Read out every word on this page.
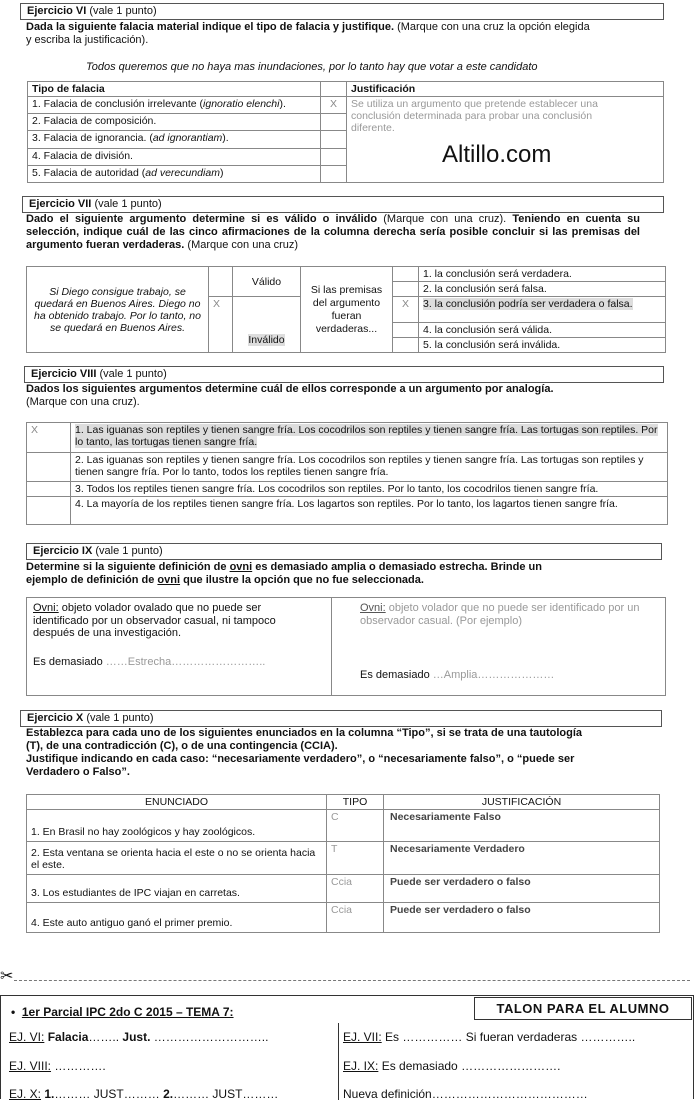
Ejercicio VI (vale 1 punto)
Dada la siguiente falacia material indique el tipo de falacia y justifique. (Marque con una cruz la opción elegida y escriba la justificación).
Todos queremos que no haya mas inundaciones, por lo tanto hay que votar a este candidato
Tipo de falacia		Justificación
1. Falacia de conclusión irrelevante (ignoratio elenchi).	X	Se utiliza un argumento que pretende establecer una conclusión determinada para probar una conclusión diferente.
Altillo.com

2. Falacia de composición.		
3. Falacia de ignorancia. (ad ignorantiam).		
4. Falacia de división.		
5. Falacia de autoridad (ad verecundiam)		
Ejercicio VII (vale 1 punto)
Dado el siguiente argumento determine si es válido o inválido (Marque con una cruz). Teniendo en cuenta su selección, indique cuál de las cinco afirmaciones de la columna derecha sería posible concluir si las premisas del argumento fueran verdaderas. (Marque con una cruz)
Si Diego consigue trabajo, se quedará en Buenos Aires. Diego no ha obtenido trabajo. Por lo tanto, no se quedará en Buenos Aires.		Válido	Si las premisas del argumento fueran verdaderas...		1. la conclusión será verdadera.
					2. la conclusión será falsa.
	X	Inválido		X	3. la conclusión podría ser verdadera o falsa.
					4. la conclusión será válida.
					5. la conclusión será inválida.
Ejercicio VIII (vale 1 punto)
Dados los siguientes argumentos determine cuál de ellos corresponde a un argumento por analogía.
(Marque con una cruz).
X	1. Las iguanas son reptiles y tienen sangre fría. Los cocodrilos son reptiles y tienen sangre fría. Las tortugas son reptiles. Por lo tanto, las tortugas tienen sangre fría.
	2. Las iguanas son reptiles y tienen sangre fría. Los cocodrilos son reptiles y tienen sangre fría. Las tortugas son reptiles y tienen sangre fría. Por lo tanto, todos los reptiles tienen sangre fría.
	3. Todos los reptiles tienen sangre fría. Los cocodrilos son reptiles. Por lo tanto, los cocodrilos tienen sangre fría.
	4. La mayoría de los reptiles tienen sangre fría. Los lagartos son reptiles. Por lo tanto, los lagartos tienen sangre fría.
Ejercicio IX (vale 1 punto)
Determine si la siguiente definición de ovni es demasiado amplia o demasiado estrecha. Brinde un ejemplo de definición de ovni que ilustre la opción que no fue seleccionada.
Ovni: objeto volador ovalado que no puede ser identificado por un observador casual, ni tampoco después de una investigación.
Es demasiado ……Estrecha……………………..
Ovni: objeto volador que no puede ser identificado por un observador casual. (Por ejemplo)
Es demasiado …Amplia…………………
Ejercicio X (vale 1 punto)
Establezca para cada uno de los siguientes enunciados en la columna “Tipo”, si se trata de una tautología (T), de una contradicción (C), o de una contingencia (CCIA).
Justifique indicando en cada caso: “necesariamente verdadero”, o “necesariamente falso”, o “puede ser Verdadero o Falso”.
ENUNCIADO	TIPO	JUSTIFICACIÓN
1. En Brasil no hay zoológicos y hay zoológicos.	C	Necesariamente Falso
2. Esta ventana se orienta hacia el este o no se orienta hacia el este.	T	Necesariamente Verdadero
3. Los estudiantes de IPC viajan en carretas.	Ccia	Puede ser verdadero o falso
4. Este auto antiguo ganó el primer premio.	Ccia	Puede ser verdadero o falso
✂
• 1er Parcial IPC 2do C 2015 – TEMA 7:	TALON PARA EL ALUMNO
EJ. VI: Falacia…….. Just. ………………………..	EJ. VII: Es …………… Si fueran verdaderas …………..
EJ. VIII: ………….	EJ. IX: Es demasiado …………………….
EJ. X: 1.……… JUST……… 2.……… JUST………	Nueva definición…………………………………
